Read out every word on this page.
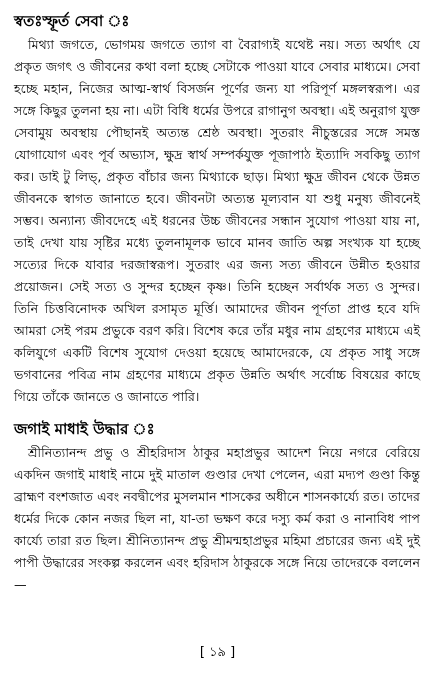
স্বতঃস্ফূর্ত সেবা ঃ

মিথ্যা জগতে, ভোগময় জগতে ত্যাগ বা বৈরাগ্যই যথেষ্ট নয়। সত্য অর্থাৎ যে প্রকৃত জগৎ ও জীবনের কথা বলা হচ্ছে সেটাকে পাওয়া যাবে সেবার মাধ্যমে। সেবা হচ্ছে মহান, নিজের আত্ম-স্বার্থ বিসর্জন পূর্ণের জন্য যা পরিপূর্ণ মঙ্গলস্বরূপ। এর সঙ্গে কিছুর তুলনা হয় না। এটা বিধি ধর্মের উপরে রাগানুগ অবস্থা। এই অনুরাগ যুক্ত সেবামুয় অবস্থায় পৌছানই অত্যন্ত শ্রেষ্ঠ অবস্থা। সুতরাং নীচুস্তরের সঙ্গে সমস্ত যোগাযোগ এবং পূর্ব অভ্যাস, ক্ষুদ্র স্বার্থ সম্পর্কযুক্ত পূজাপাঠ ইত্যাদি সবকিছু ত্যাগ কর। ডাই টু লিভ্, প্রকৃত বাঁচার জন্য মিথ্যাকে ছাড়। মিথ্যা ক্ষুদ্র জীবন থেকে উন্নত জীবনকে স্বাগত জানাতে হবে। জীবনটা অত্যন্ত মূল্যবান যা শুধু মনুষ্য জীবনেই সম্ভব। অন্যান্য জীবদেহে এই ধরনের উচ্চ জীবনের সন্ধান সুযোগ পাওয়া যায় না, তাই দেখা যায় সৃষ্টির মধ্যে তুলনামূলক ভাবে মানব জাতি অল্প সংখ্যক যা হচ্ছে সত্যের দিকে যাবার দরজাস্বরূপ। সুতরাং এর জন্য সত্য জীবনে উন্নীত হওয়ার প্রয়োজন। সেই সত্য ও সুন্দর হচ্ছেন কৃষ্ণ। তিনি হচ্ছেন সর্বার্থক সত্য ও সুন্দর। তিনি চিত্তবিনোদক অখিল রসামৃত মূর্ত্তি। আমাদের জীবন পূর্ণতা প্রাপ্ত হবে যদি আমরা সেই পরম প্রভুকে বরণ করি। বিশেষ করে তাঁর মধুর নাম গ্রহণের মাধ্যমে এই কলিযুগে একটি বিশেষ সুযোগ দেওয়া হয়েছে আমাদেরকে, যে প্রকৃত সাধু সঙ্গে ভগবানের পবিত্র নাম গ্রহণের মাধ্যমে প্রকৃত উন্নতি অর্থাৎ সর্বোচ্চ বিষয়ের কাছে গিয়ে তাঁকে জানতে ও জানাতে পারি।

জগাই মাধাই উদ্ধার ঃ

শ্রীনিত্যানন্দ প্রভু ও শ্রীহরিদাস ঠাকুর মহাপ্রভুর আদেশ নিয়ে নগরে বেরিয়ে একদিন জগাই মাধাই নামে দুই মাতাল গুণ্ডার দেখা পেলেন, এরা মদ্যপ গুণ্ডা কিন্তু ব্রাহ্মণ বংশজাত এবং নবদ্বীপের মুসলমান শাসকের অধীনে শাসনকার্য্যে রত। তাদের ধর্মের দিকে কোন নজর ছিল না, যা-তা ভক্ষণ করে দস্যু কর্ম করা ও নানাবিধ পাপ কার্য্যে তারা রত ছিল। শ্রীনিত্যানন্দ প্রভু শ্রীমন্মহাপ্রভুর মহিমা প্রচারের জন্য এই দুই পাপী উদ্ধারের সংকল্প করলেন এবং হরিদাস ঠাকুরকে সঙ্গে নিয়ে তাদেরকে বললেন—

[ ১৯ ]
